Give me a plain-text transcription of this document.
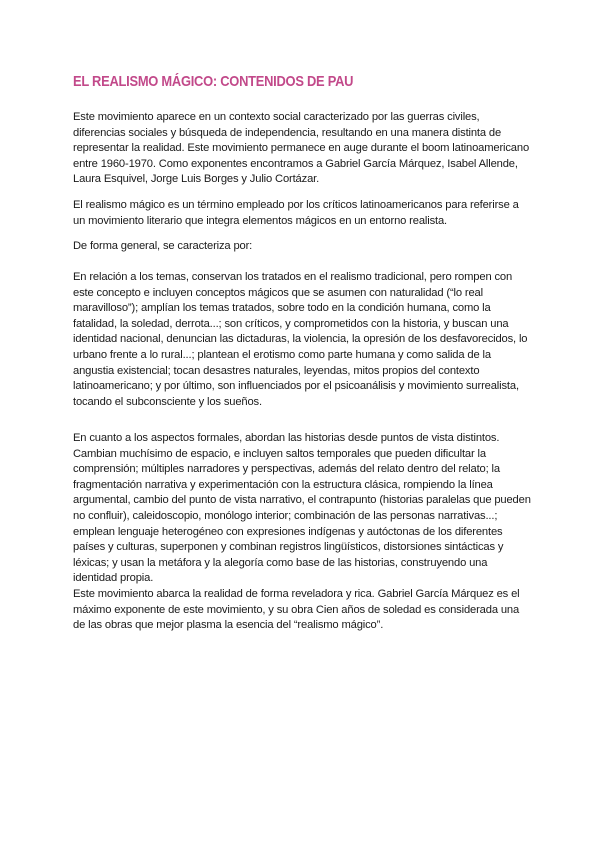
EL REALISMO MÁGICO: CONTENIDOS DE PAU

Este movimiento aparece en un contexto social caracterizado por las guerras civiles, diferencias sociales y búsqueda de independencia, resultando en una manera distinta de representar la realidad. Este movimiento permanece en auge durante el boom latinoamericano entre 1960-1970. Como exponentes encontramos a Gabriel García Márquez, Isabel Allende, Laura Esquivel, Jorge Luis Borges y Julio Cortázar.

El realismo mágico es un término empleado por los críticos latinoamericanos para referirse a un movimiento literario que integra elementos mágicos en un entorno realista.

De forma general, se caracteriza por:

En relación a los temas, conservan los tratados en el realismo tradicional, pero rompen con este concepto e incluyen conceptos mágicos que se asumen con naturalidad (“lo real maravilloso”); amplían los temas tratados, sobre todo en la condición humana, como la fatalidad, la soledad, derrota...; son críticos, y comprometidos con la historia, y buscan una identidad nacional, denuncian las dictaduras, la violencia, la opresión de los desfavorecidos, lo urbano frente a lo rural...; plantean el erotismo como parte humana y como salida de la angustia existencial; tocan desastres naturales, leyendas, mitos propios del contexto latinoamericano; y por último, son influenciados por el psicoanálisis y movimiento surrealista, tocando el subconsciente y los sueños.

En cuanto a los aspectos formales, abordan las historias desde puntos de vista distintos. Cambian muchísimo de espacio, e incluyen saltos temporales que pueden dificultar la comprensión; múltiples narradores y perspectivas, además del relato dentro del relato; la fragmentación narrativa y experimentación con la estructura clásica, rompiendo la línea argumental, cambio del punto de vista narrativo, el contrapunto (historias paralelas que pueden no confluir), caleidoscopio, monólogo interior; combinación de las personas narrativas...; emplean lenguaje heterogéneo con expresiones indígenas y autóctonas de los diferentes países y culturas, superponen y combinan registros lingüísticos, distorsiones sintácticas y léxicas; y usan la metáfora y la alegoría como base de las historias, construyendo una identidad propia.

Este movimiento abarca la realidad de forma reveladora y rica. Gabriel García Márquez es el máximo exponente de este movimiento, y su obra Cien años de soledad es considerada una de las obras que mejor plasma la esencia del “realismo mágico”.
